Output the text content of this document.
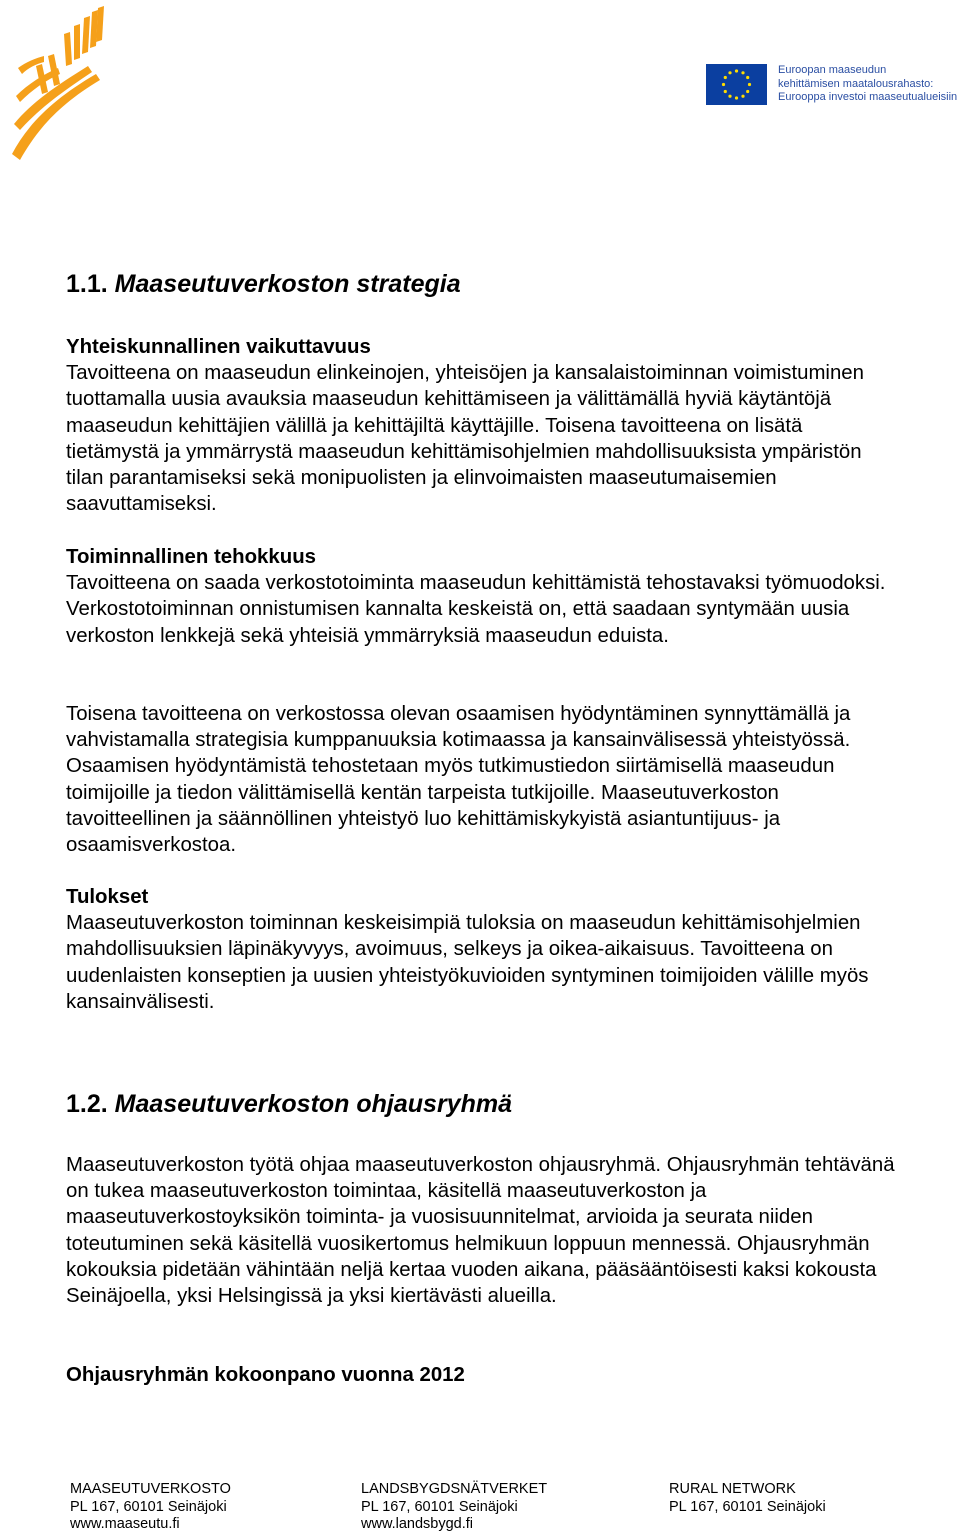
Euroopan maaseudun
kehittämisen maatalousrahasto:
Eurooppa investoi maaseutualueisiin
1.1. Maaseutuverkoston strategia

Yhteiskunnallinen vaikuttavuus
Tavoitteena on maaseudun elinkeinojen, yhteisöjen ja kansalaistoiminnan voimistuminen tuottamalla uusia avauksia maaseudun kehittämiseen ja välittämällä hyviä käytäntöjä maaseudun kehittäjien välillä ja kehittäjiltä käyttäjille. Toisena tavoitteena on lisätä tietämystä ja ymmärrystä maaseudun kehittämisohjelmien mahdollisuuksista ympäristön tilan parantamiseksi sekä monipuolisten ja elinvoimaisten maaseutumaisemien saavuttamiseksi.

Toiminnallinen tehokkuus
Tavoitteena on saada verkostotoiminta maaseudun kehittämistä tehostavaksi työmuodoksi. Verkostotoiminnan onnistumisen kannalta keskeistä on, että saadaan syntymään uusia verkoston lenkkejä sekä yhteisiä ymmärryksiä maaseudun eduista.

Toisena tavoitteena on verkostossa olevan osaamisen hyödyntäminen synnyttämällä ja vahvistamalla strategisia kumppanuuksia kotimaassa ja kansainvälisessä yhteistyössä. Osaamisen hyödyntämistä tehostetaan myös tutkimustiedon siirtämisellä maaseudun toimijoille ja tiedon välittämisellä kentän tarpeista tutkijoille. Maaseutuverkoston tavoitteellinen ja säännöllinen yhteistyö luo kehittämiskykyistä asiantuntijuus- ja osaamisverkostoa.

Tulokset
Maaseutuverkoston toiminnan keskeisimpiä tuloksia on maaseudun kehittämisohjelmien mahdollisuuksien läpinäkyvyys, avoimuus, selkeys ja oikea-aikaisuus. Tavoitteena on uudenlaisten konseptien ja uusien yhteistyökuvioiden syntyminen toimijoiden välille myös kansainvälisesti.

1.2. Maaseutuverkoston ohjausryhmä

Maaseutuverkoston työtä ohjaa maaseutuverkoston ohjausryhmä. Ohjausryhmän tehtävänä on tukea maaseutuverkoston toimintaa, käsitellä maaseutuverkoston ja maaseutuverkostoyksikön toiminta- ja vuosisuunnitelmat, arvioida ja seurata niiden toteutuminen sekä käsitellä vuosikertomus helmikuun loppuun mennessä. Ohjausryhmän kokouksia pidetään vähintään neljä kertaa vuoden aikana, pääsääntöisesti kaksi kokousta Seinäjoella, yksi Helsingissä ja yksi kiertävästi alueilla.

Ohjausryhmän kokoonpano vuonna 2012

MAASEUTUVERKOSTO
PL 167, 60101 Seinäjoki
www.maaseutu.fi
LANDSBYGDSNÄTVERKET
PL 167, 60101 Seinäjoki
www.landsbygd.fi
RURAL NETWORK
PL 167, 60101 Seinäjoki
